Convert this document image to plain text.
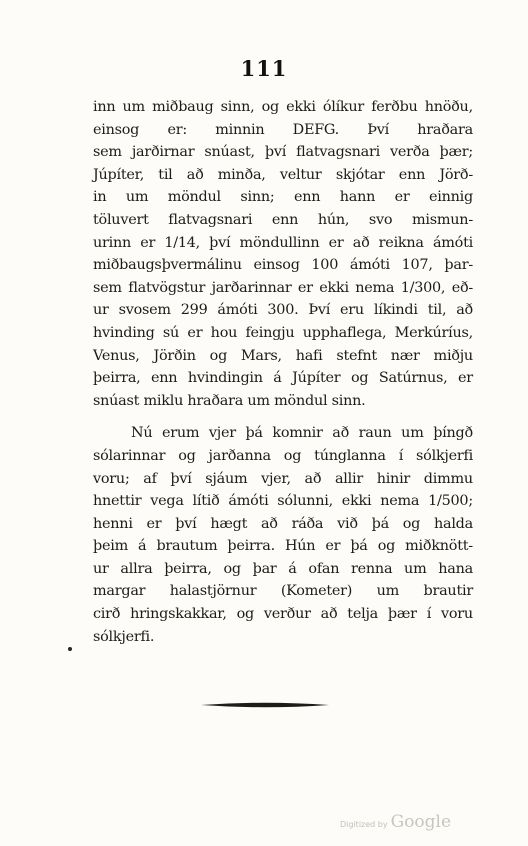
111
inn um miðbaug sinn, og ekki ólíkur ferðbu hnöðu,
einsog er: minnin DEFG. Því hraðara
sem jarðirnar snúast, því flatvagsnari verða þær;
Júpíter, til að minða, veltur skjótar enn Jörð-
in um möndul sinn; enn hann er einnig
töluvert flatvagsnari enn hún, svo mismun-
urinn er 1/14, því möndullinn er að reikna ámóti
miðbaugsþvermálinu einsog 100 ámóti 107, þar-
sem flatvögstur jarðarinnar er ekki nema 1/300, eð-
ur svosem 299 ámóti 300. Því eru líkindi til, að
hvinding sú er hou feingju upphaflega, Merkúríus,
Venus, Jörðin og Mars, hafi stefnt nær miðju
þeirra, enn hvindingin á Júpíter og Satúrnus, er
snúast miklu hraðara um möndul sinn.
Nú erum vjer þá komnir að raun um þíngð
sólarinnar og jarðanna og túnglanna í sólkjerfi
voru; af því sjáum vjer, að allir hinir dimmu
hnettir vega lítið ámóti sólunni, ekki nema 1/500;
henni er því hægt að ráða við þá og halda
þeim á brautum þeirra. Hún er þá og miðknött-
ur allra þeirra, og þar á ofan renna um hana
margar halastjörnur (Kometer) um brautir
cirð hringskakkar, og verður að telja þær í voru
sólkjerfi.
Digitized by Google
